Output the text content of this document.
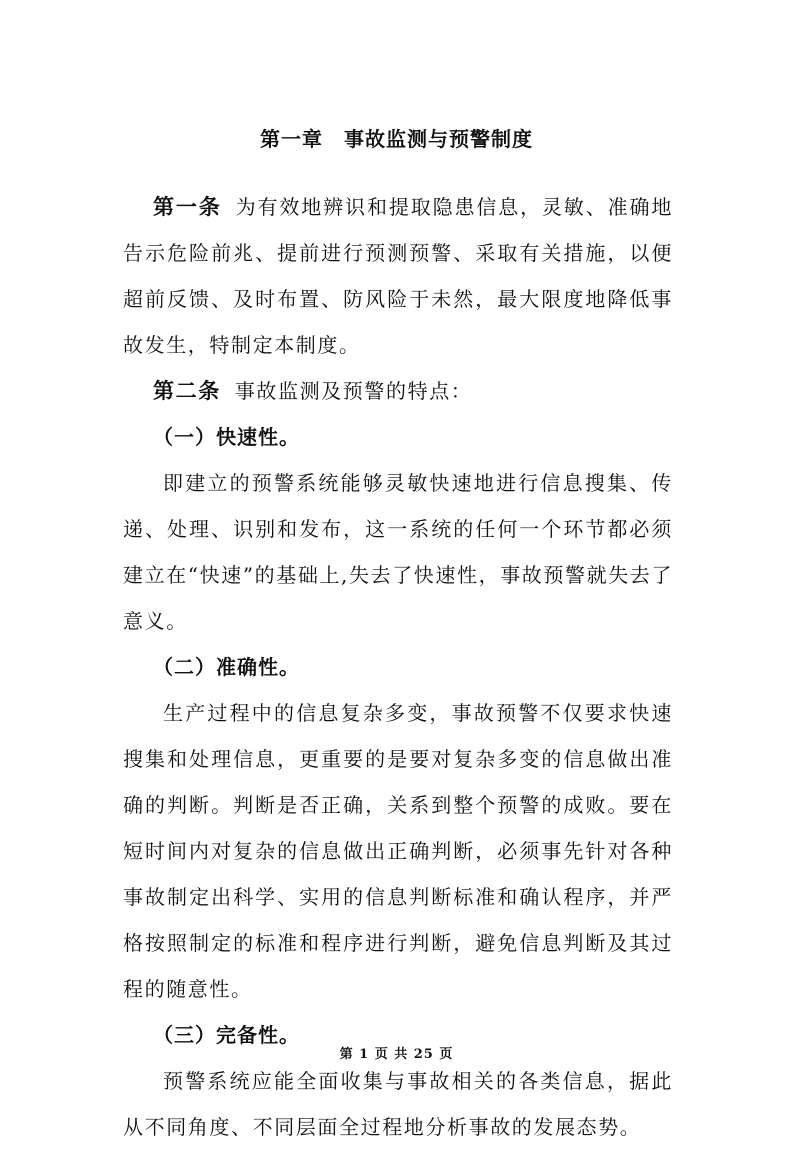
第一章　事故监测与预警制度

第一条 为有效地辨识和提取隐患信息，灵敏、准确地告示危险前兆、提前进行预测预警、采取有关措施，以便超前反馈、及时布置、防风险于未然，最大限度地降低事故发生，特制定本制度。

第二条 事故监测及预警的特点：

（一）快速性。

即建立的预警系统能够灵敏快速地进行信息搜集、传递、处理、识别和发布，这一系统的任何一个环节都必须建立在“快速”的基础上,失去了快速性，事故预警就失去了意义。

（二）准确性。

生产过程中的信息复杂多变，事故预警不仅要求快速搜集和处理信息，更重要的是要对复杂多变的信息做出准确的判断。判断是否正确，关系到整个预警的成败。要在短时间内对复杂的信息做出正确判断，必须事先针对各种事故制定出科学、实用的信息判断标准和确认程序，并严格按照制定的标准和程序进行判断，避免信息判断及其过程的随意性。

（三）完备性。

预警系统应能全面收集与事故相关的各类信息，据此从不同角度、不同层面全过程地分析事故的发展态势。

第 1 页 共 25 页
